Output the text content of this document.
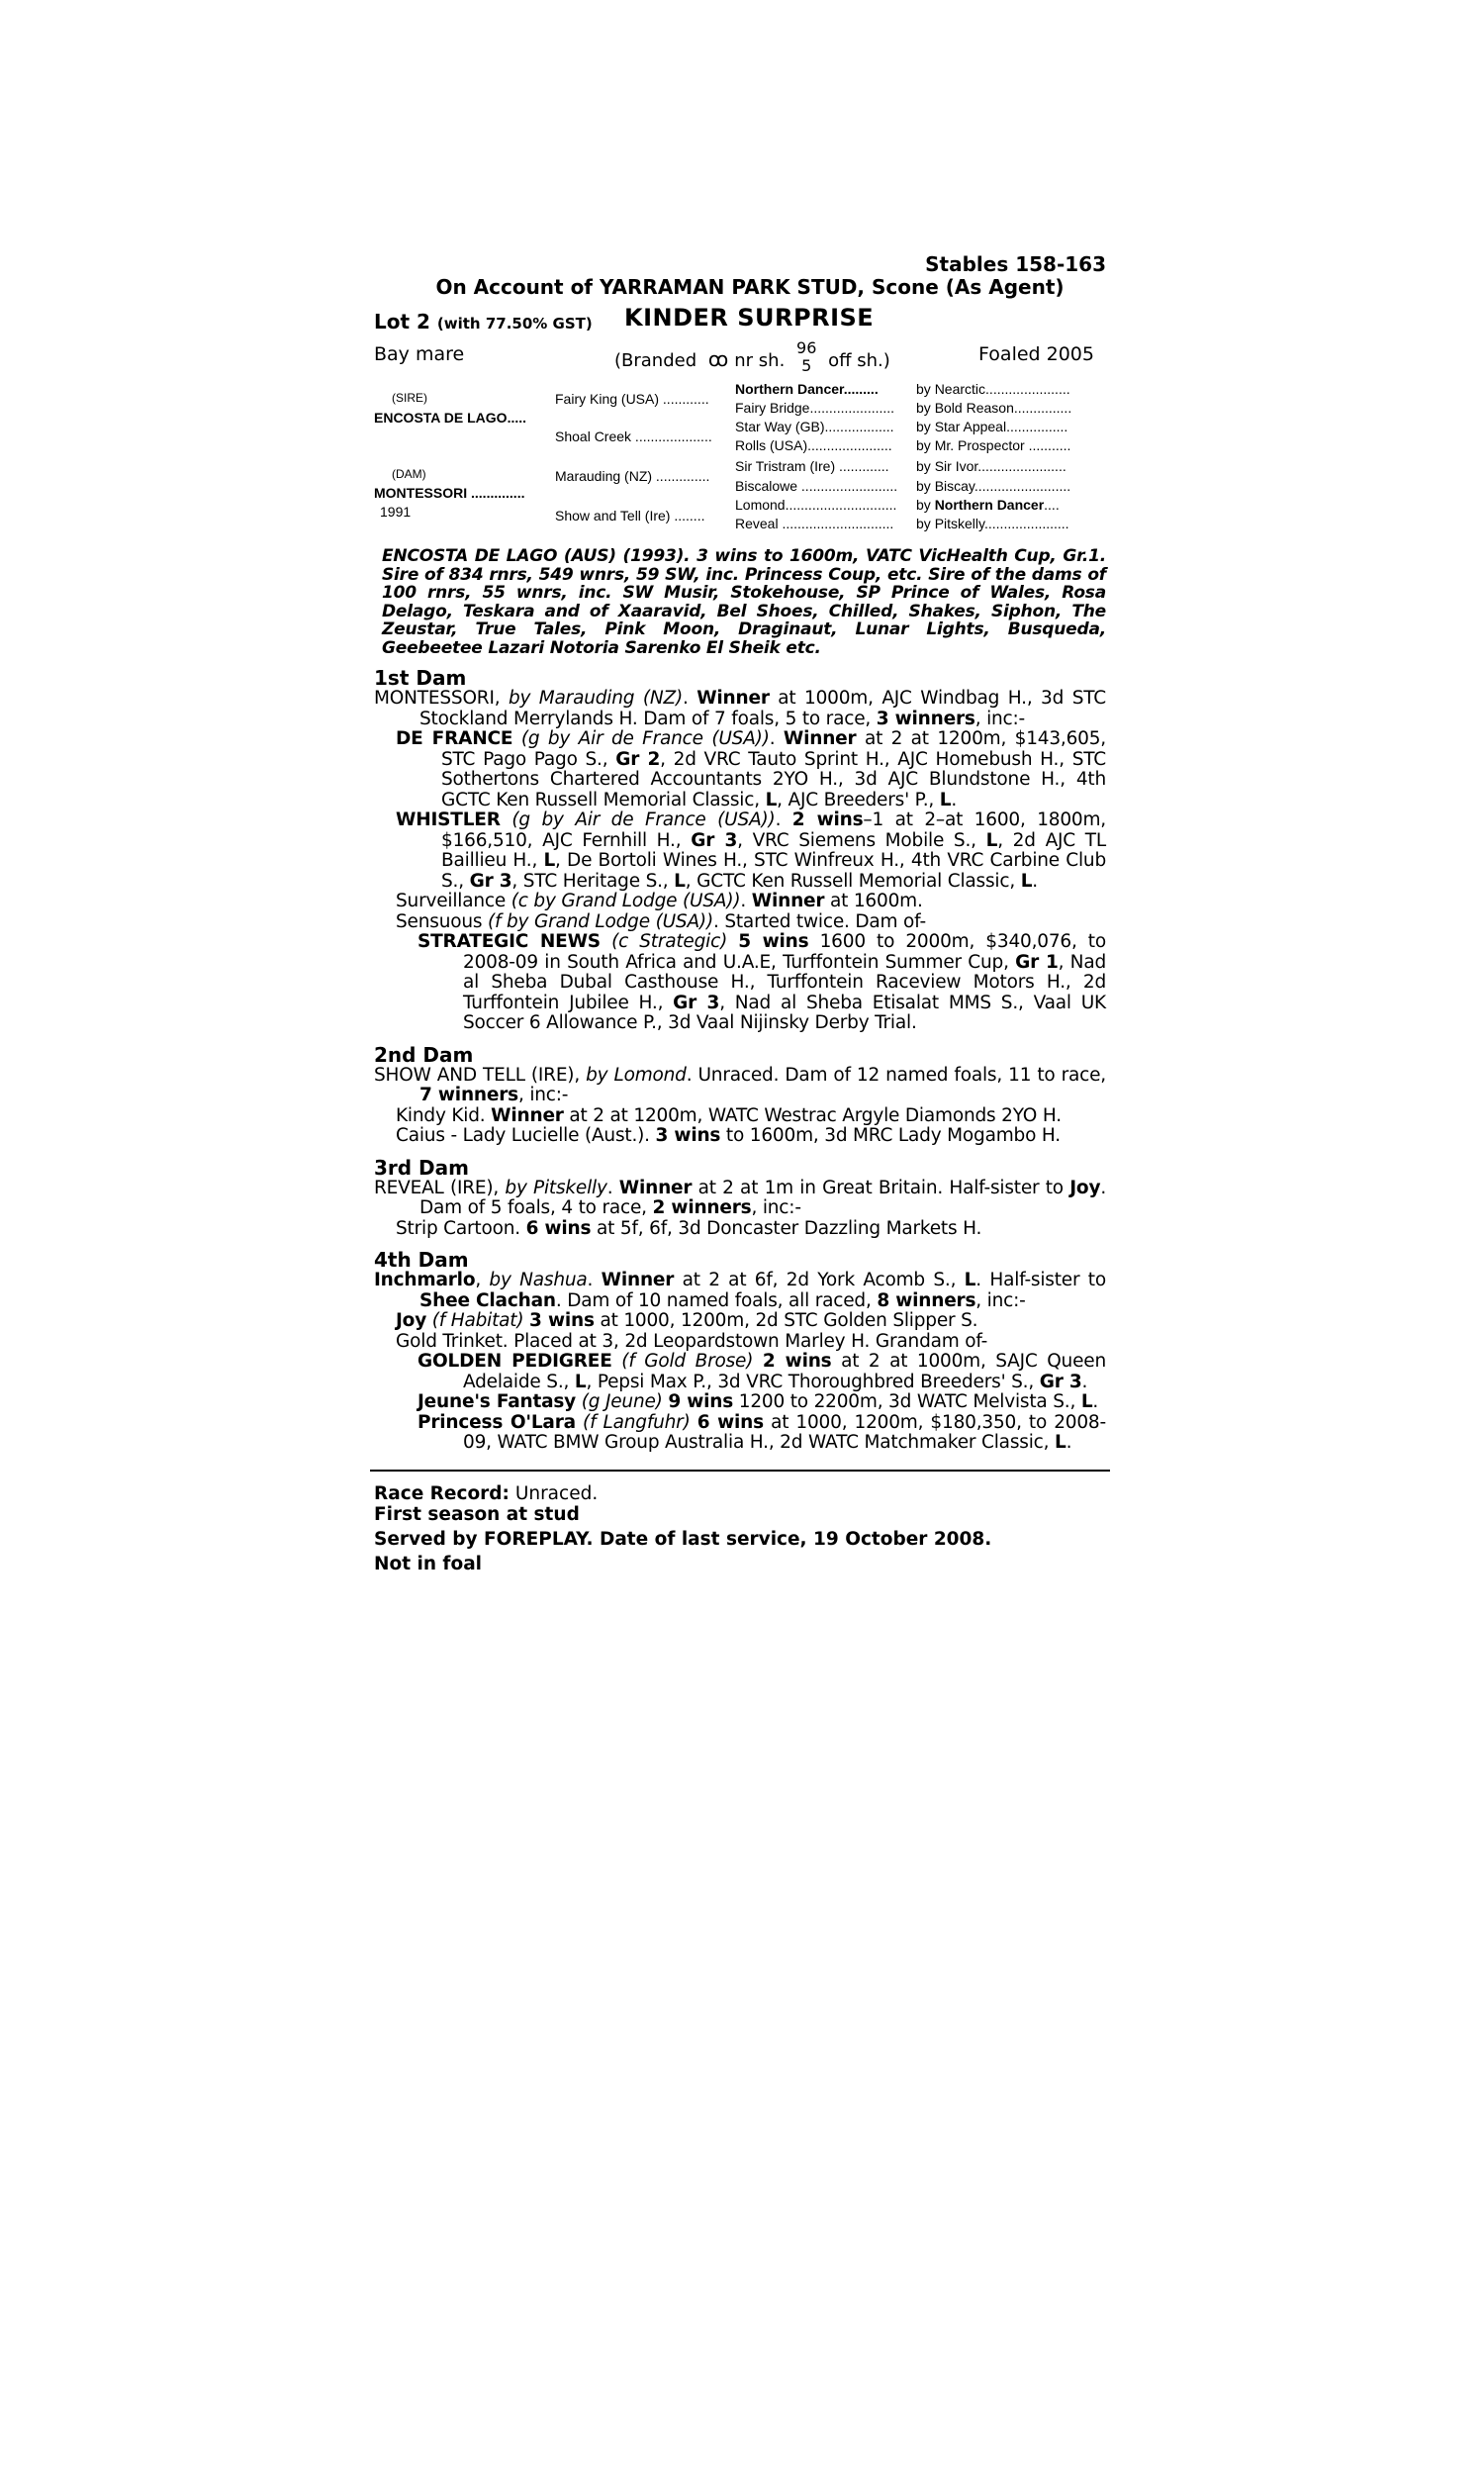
Stables 158-163
On Account of YARRAMAN PARK STUD, Scone (As Agent)
Lot 2 (with 77.50% GST) KINDER SURPRISE
Bay mare	(Branded ꚙ nr sh. 96
5 off sh.)	Foaled 2005
(SIRE)
ENCOSTA DE LAGO.....
(DAM)
MONTESSORI ..............
1991
Fairy King (USA) ............
Shoal Creek ....................
Marauding (NZ) ..............
Show and Tell (Ire) ........
Northern Dancer.........
Fairy Bridge......................
Star Way (GB)..................
Rolls (USA)......................
Sir Tristram (Ire) .............
Biscalowe .........................
Lomond.............................
Reveal .............................
by Nearctic......................
by Bold Reason...............
by Star Appeal................
by Mr. Prospector ...........
by Sir Ivor.......................
by Biscay.........................
by Northern Dancer....
by Pitskelly......................
ENCOSTA DE LAGO (AUS) (1993). 3 wins to 1600m, VATC VicHealth Cup, Gr.1. Sire of 834 rnrs, 549 wnrs, 59 SW, inc. Princess Coup, etc. Sire of the dams of 100 rnrs, 55 wnrs, inc. SW Musir, Stokehouse, SP Prince of Wales, Rosa Delago, Teskara and of Xaaravid, Bel Shoes, Chilled, Shakes, Siphon, The Zeustar, True Tales, Pink Moon, Draginaut, Lunar Lights, Busqueda, Geebeetee Lazari Notoria Sarenko El Sheik etc.
1st Dam
MONTESSORI, by Marauding (NZ). Winner at 1000m, AJC Windbag H., 3d STC Stockland Merrylands H. Dam of 7 foals, 5 to race, 3 winners, inc:-
DE FRANCE (g by Air de France (USA)). Winner at 2 at 1200m, $143,605, STC Pago Pago S., Gr 2, 2d VRC Tauto Sprint H., AJC Homebush H., STC Sothertons Chartered Accountants 2YO H., 3d AJC Blundstone H., 4th GCTC Ken Russell Memorial Classic, L, AJC Breeders' P., L.
WHISTLER (g by Air de France (USA)). 2 wins–1 at 2–at 1600, 1800m, $166,510, AJC Fernhill H., Gr 3, VRC Siemens Mobile S., L, 2d AJC TL Baillieu H., L, De Bortoli Wines H., STC Winfreux H., 4th VRC Carbine Club S., Gr 3, STC Heritage S., L, GCTC Ken Russell Memorial Classic, L.
Surveillance (c by Grand Lodge (USA)). Winner at 1600m.
Sensuous (f by Grand Lodge (USA)). Started twice. Dam of-
STRATEGIC NEWS (c Strategic) 5 wins 1600 to 2000m, $340,076, to 2008-09 in South Africa and U.A.E, Turffontein Summer Cup, Gr 1, Nad al Sheba Dubal Casthouse H., Turffontein Raceview Motors H., 2d Turffontein Jubilee H., Gr 3, Nad al Sheba Etisalat MMS S., Vaal UK Soccer 6 Allowance P., 3d Vaal Nijinsky Derby Trial.
2nd Dam
SHOW AND TELL (IRE), by Lomond. Unraced. Dam of 12 named foals, 11 to race, 7 winners, inc:-
Kindy Kid. Winner at 2 at 1200m, WATC Westrac Argyle Diamonds 2YO H.
Caius - Lady Lucielle (Aust.). 3 wins to 1600m, 3d MRC Lady Mogambo H.
3rd Dam
REVEAL (IRE), by Pitskelly. Winner at 2 at 1m in Great Britain. Half-sister to Joy. Dam of 5 foals, 4 to race, 2 winners, inc:-
Strip Cartoon. 6 wins at 5f, 6f, 3d Doncaster Dazzling Markets H.
4th Dam
Inchmarlo, by Nashua. Winner at 2 at 6f, 2d York Acomb S., L. Half-sister to Shee Clachan. Dam of 10 named foals, all raced, 8 winners, inc:-
Joy (f Habitat) 3 wins at 1000, 1200m, 2d STC Golden Slipper S.
Gold Trinket. Placed at 3, 2d Leopardstown Marley H. Grandam of-
GOLDEN PEDIGREE (f Gold Brose) 2 wins at 2 at 1000m, SAJC Queen Adelaide S., L, Pepsi Max P., 3d VRC Thoroughbred Breeders' S., Gr 3.
Jeune's Fantasy (g Jeune) 9 wins 1200 to 2200m, 3d WATC Melvista S., L.
Princess O'Lara (f Langfuhr) 6 wins at 1000, 1200m, $180,350, to 2008-09, WATC BMW Group Australia H., 2d WATC Matchmaker Classic, L.
Race Record: Unraced.
First season at stud
Served by FOREPLAY. Date of last service, 19 October 2008.
Not in foal
